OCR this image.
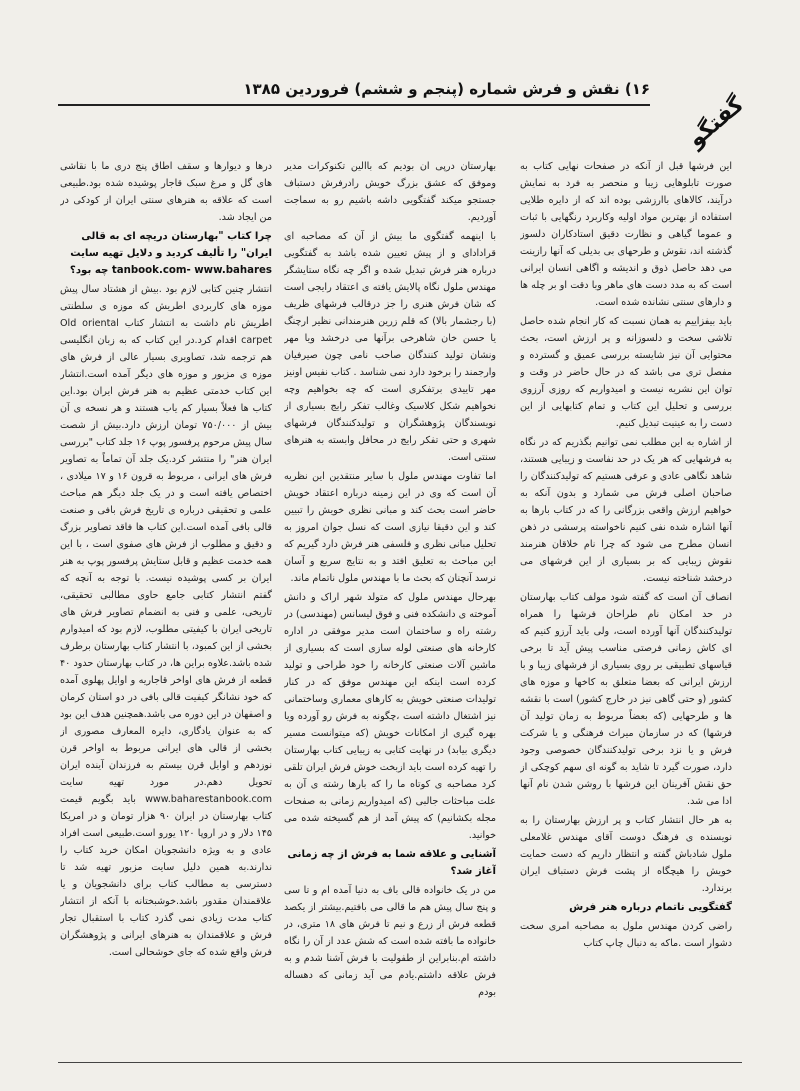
۱۶) نقش و فرش شماره (پنجم و ششم) فروردین ۱۳۸۵
گفتگو

این فرشها قبل از آنکه در صفحات نهایی کتاب به صورت تابلوهایی زیبا و منحصر به فرد به نمایش درآیند، کالاهای باارزشی بوده اند که از دایره طلایی استفاده از بهترین مواد اولیه وکاربرد رنگهایی با ثبات و عموما گیاهی و نظارت دقیق استادکاران دلسوز گذشته اند، نقوش و طرحهای بی بدیلی که آنها رازینت می دهد حاصل ذوق و اندیشه و اگاهی انسان ایرانی است که به مدد دست های ماهر وبا دقت او بر چله ها و دارهای سنتی نشانده شده است.

باید بیفزاییم به همان نسبت که کار انجام شده حاصل تلاشی سخت و دلسوزانه و پر ارزش است، بحث محتوایی آن نیز شایسته بررسی عمیق و گسترده و مفصل تری می باشد که در حال حاضر در وقت و توان این نشریه نیست و امیدواریم که روزی آرزوی بررسی و تحلیل این کتاب و تمام کتابهایی از این دست را به عینیت تبدیل کنیم.

از اشاره به این مطلب نمی توانیم بگذریم که در نگاه به فرشهایی که هر یک در حد نفاست و زیبایی هستند، شاهد نگاهی عادی و عرفی هستیم که تولیدکنندگان را صاحبان اصلی فرش می شمارد و بدون آنکه به خواهیم ارزش واقعی بزرگانی را که در کتاب بارها به آنها اشاره شده نفی کنیم ناخواسته پرسشی در ذهن انسان مطرح می شود که چرا نام خلاقان هنرمند نقوش زیبایی که بر بسیاری از این فرشهای می درخشد شناخته نیست.

انصاف آن است که گفته شود مولف کتاب بهارستان در حد امکان نام طراحان فرشها را همراه تولیدکنندگان آنها آورده است، ولی باید آرزو کنیم که ای کاش زمانی فرصتی مناسب پیش آید تا برخی قیاسهای تطبیقی بر روی بسیاری از فرشهای زیبا و با ارزش ایرانی که بعضا متعلق به کاخها و موزه های کشور (و حتی گاهی نیز در خارج کشور) است با نقشه ها و طرحهایی (که بعضاً مربوط به زمان تولید آن فرشها) که در سازمان میراث فرهنگی و یا شرکت فرش و یا نزد برخی تولیدکنندگان خصوصی وجود دارد، صورت گیرد تا شاید به گونه ای سهم کوچکی از حق نقش آفرینان این فرشها با روشن شدن نام آنها ادا می شد.

به هر حال انتشار کتاب و پر ارزش بهارستان را به نویسنده ی فرهنگ دوست آقای مهندس غلامعلی ملول شادباش گفته و انتظار داریم که دست حمایت خویش را هیچگاه از پشت فرش دستباف ایران برندارد.

گفتگویی ناتمام درباره هنر فرش

راضی کردن مهندس ملول به مصاحبه امری سخت دشوار است .ماکه به دنبال چاپ کتاب

بهارستان درپی ان بودیم که باالین تکنوکرات مدیر وموفق که عشق بزرگ خویش رادرفرش دستباف جستجو میکند گفتگویی داشه باشیم رو به سماجت آوردیم.

با اینهمه گفتگوی ما بیش از آن که مصاحبه ای قرادادای و از پیش تعیین شده باشد به گفتگویی درباره هنر فرش تبدیل شده و اگر چه نگاه ستایشگر مهندس ملول نگاه پالایش یافته ی اعتقاد رایجی است که شان فرش هنری را جز درقالب فرشهای ظریف (با رجشمار بالا) که قلم زرین هنرمندانی نظیر ارچنگ یا حسن خان شاهرخی برآنها می درخشد ویا مهر ونشان تولید کنندگان صاحب نامی چون صیرفیان وارجمند را برخود دارد نمی شناسد . کتاب نفیس اونیز مهر تاییدی برتفکری است که چه بخواهیم وچه نخواهیم شکل کلاسیک وغالب تفکر رایج بسیاری از نویسندگان پژوهشگران و تولیدکنندگان فرشهای شهری و حتی تفکر رایج در محافل وابسته به هنرهای سنتی است.

اما تفاوت مهندس ملول با سایر منتقدین این نظریه آن است که وی در این زمینه درباره اعتقاد خویش حاضر است بحث کند و مبانی نظری خویش را تبیین کند و این دقیقا نیازی است که نسل جوان امروز به تحلیل مبانی نظری و فلسفی هنر فرش دارد گیریم که این مباحث به تعلیق افتد و به نتایج سریع و آسان نرسد آنچنان که بحث ما با مهندس ملول ناتمام ماند.

بهرحال مهندس ملول که متولد شهر اراک و دانش آموخته ی دانشکده فنی و فوق لیسانس (مهندسی) در رشته راه و ساختمان است مدیر موفقی در اداره کارخانه های صنعتی لوله سازی است که بسیاری از ماشین آلات صنعتی کارخانه را خود طراحی و تولید کرده است اینکه این مهندس موفق که در کنار تولیدات صنعتی خویش به کارهای معماری وساختمانی نیز اشتغال داشته است ،چگونه به فرش رو آورده ویا بهره گیری از امکانات خویش (که میتوانست مسیر دیگری بیابد) در نهایت کتابی به زیبایی کتاب بهارستان را تهیه کرده است باید ازبخت خوش فرش ایران تلقی کرد مصاحبه ی کوتاه ما را که بارها رشته ی آن به علت مباحثات جالبی (که امیدواریم زمانی به صفحات مجله بکشانیم) که پیش آمد از هم گسیخته شده می خوانید.

آشنایی و علاقه شما به فرش از چه زمانی آغاز شد؟

من در یک خانواده قالی باف به دنیا آمده ام و تا سی و پنج سال پیش هم ما قالی می بافتیم.بیشتر از یکصد قطعه فرش از زرع و نیم تا فرش های ۱۸ متری، در خانواده ما بافته شده است که شش عدد از آن را نگاه داشته ام.بنابراین از طفولیت با فرش آشنا شدم و به فرش علاقه داشتم.یادم می آید زمانی که دهساله بودم

درها و دیوارها و سقف اطاق پنج دری ما با نقاشی های گل و مرغ سبک قاجار پوشیده شده بود.طبیعی است که علاقه به هنرهای سنتی ایران از کودکی در من ایجاد شد.

چرا کتاب "بهارستان دریچه ای به قالی ایران" را تألیف کردید و دلایل تهیه سایت tanbook.com- www.bahares چه بود؟

انتشار چنین کتابی لازم بود .بیش از هشتاد سال پیش موزه های کاربردی اطریش که موزه ی سلطنتی اطریش نام داشت به انتشار کتاب Old oriental carpet اقدام کرد.در این کتاب که به زبان انگلیسی هم ترجمه شد، تصاویری بسیار عالی از فرش های موزه ی مزبور و موزه های دیگر آمده است.انتشار این کتاب خدمتی عظیم به هنر فرش ایران بود.این کتاب ها فعلاً بسیار کم یاب هستند و هر نسخه ی آن بیش از ۷۵۰/۰۰۰ تومان ارزش دارد.بیش از شصت سال پیش مرحوم پرفسور پوپ ۱۶ جلد کتاب "بررسی ایران هنر" را منتشر کرد.یک جلد آن تماماً به تصاویر فرش های ایرانی ، مربوط به قرون ۱۶ و ۱۷ میلادی ، اختصاص یافته است و در یک جلد دیگر هم مباحث علمی و تحقیقی درباره ی تاریخ فرش بافی و صنعت قالی بافی آمده است.این کتاب ها فاقد تصاویر بزرگ و دقیق و مطلوب از فرش های صفوی است ، با این همه خدمت عظیم و قابل ستایش پرفسور پوپ به هنر ایران بر کسی پوشیده نیست. با توجه به آنچه که گفتم انتشار کتابی جامع حاوی مطالبی تحقیقی، تاریخی، علمی و فنی به انضمام تصاویر فرش های تاریخی ایران با کیفیتی مطلوب، لازم بود که امیدوارم بخشی از این کمبود، با انتشار کتاب بهارستان برطرف شده باشد.علاوه براین ها، در کتاب بهارستان حدود ۴۰ قطعه از فرش های اواخر قاجاریه و اوایل پهلوی آمده که خود نشانگر کیفیت قالی بافی در دو استان کرمان و اصفهان در این دوره می باشد.همچنین هدف این بود که به عنوان یادگاری، دایره المعارف مصوری از بخشی از قالی های ایرانی مربوط به اواخر قرن نوزدهم و اوایل قرن بیستم به فرزندان آینده ایران تحویل دهم.در مورد تهیه سایت www.baharestanbook.com باید بگویم قیمت کتاب بهارستان در ایران ۹۰ هزار تومان و در امریکا ۱۴۵ دلار و در اروپا ۱۲۰ یورو است.طبیعی است افراد عادی و به ویژه دانشجویان امکان خرید کتاب را ندارند.به همین دلیل سایت مزبور تهیه شد تا دسترسی به مطالب کتاب برای دانشجویان و یا علاقمندان مقدور باشد.خوشبختانه با آنکه از انتشار کتاب مدت زیادی نمی گذرد کتاب با استقبال تجار فرش و علاقمندان به هنرهای ایرانی و پژوهشگران فرش واقع شده که جای خوشحالی است.
